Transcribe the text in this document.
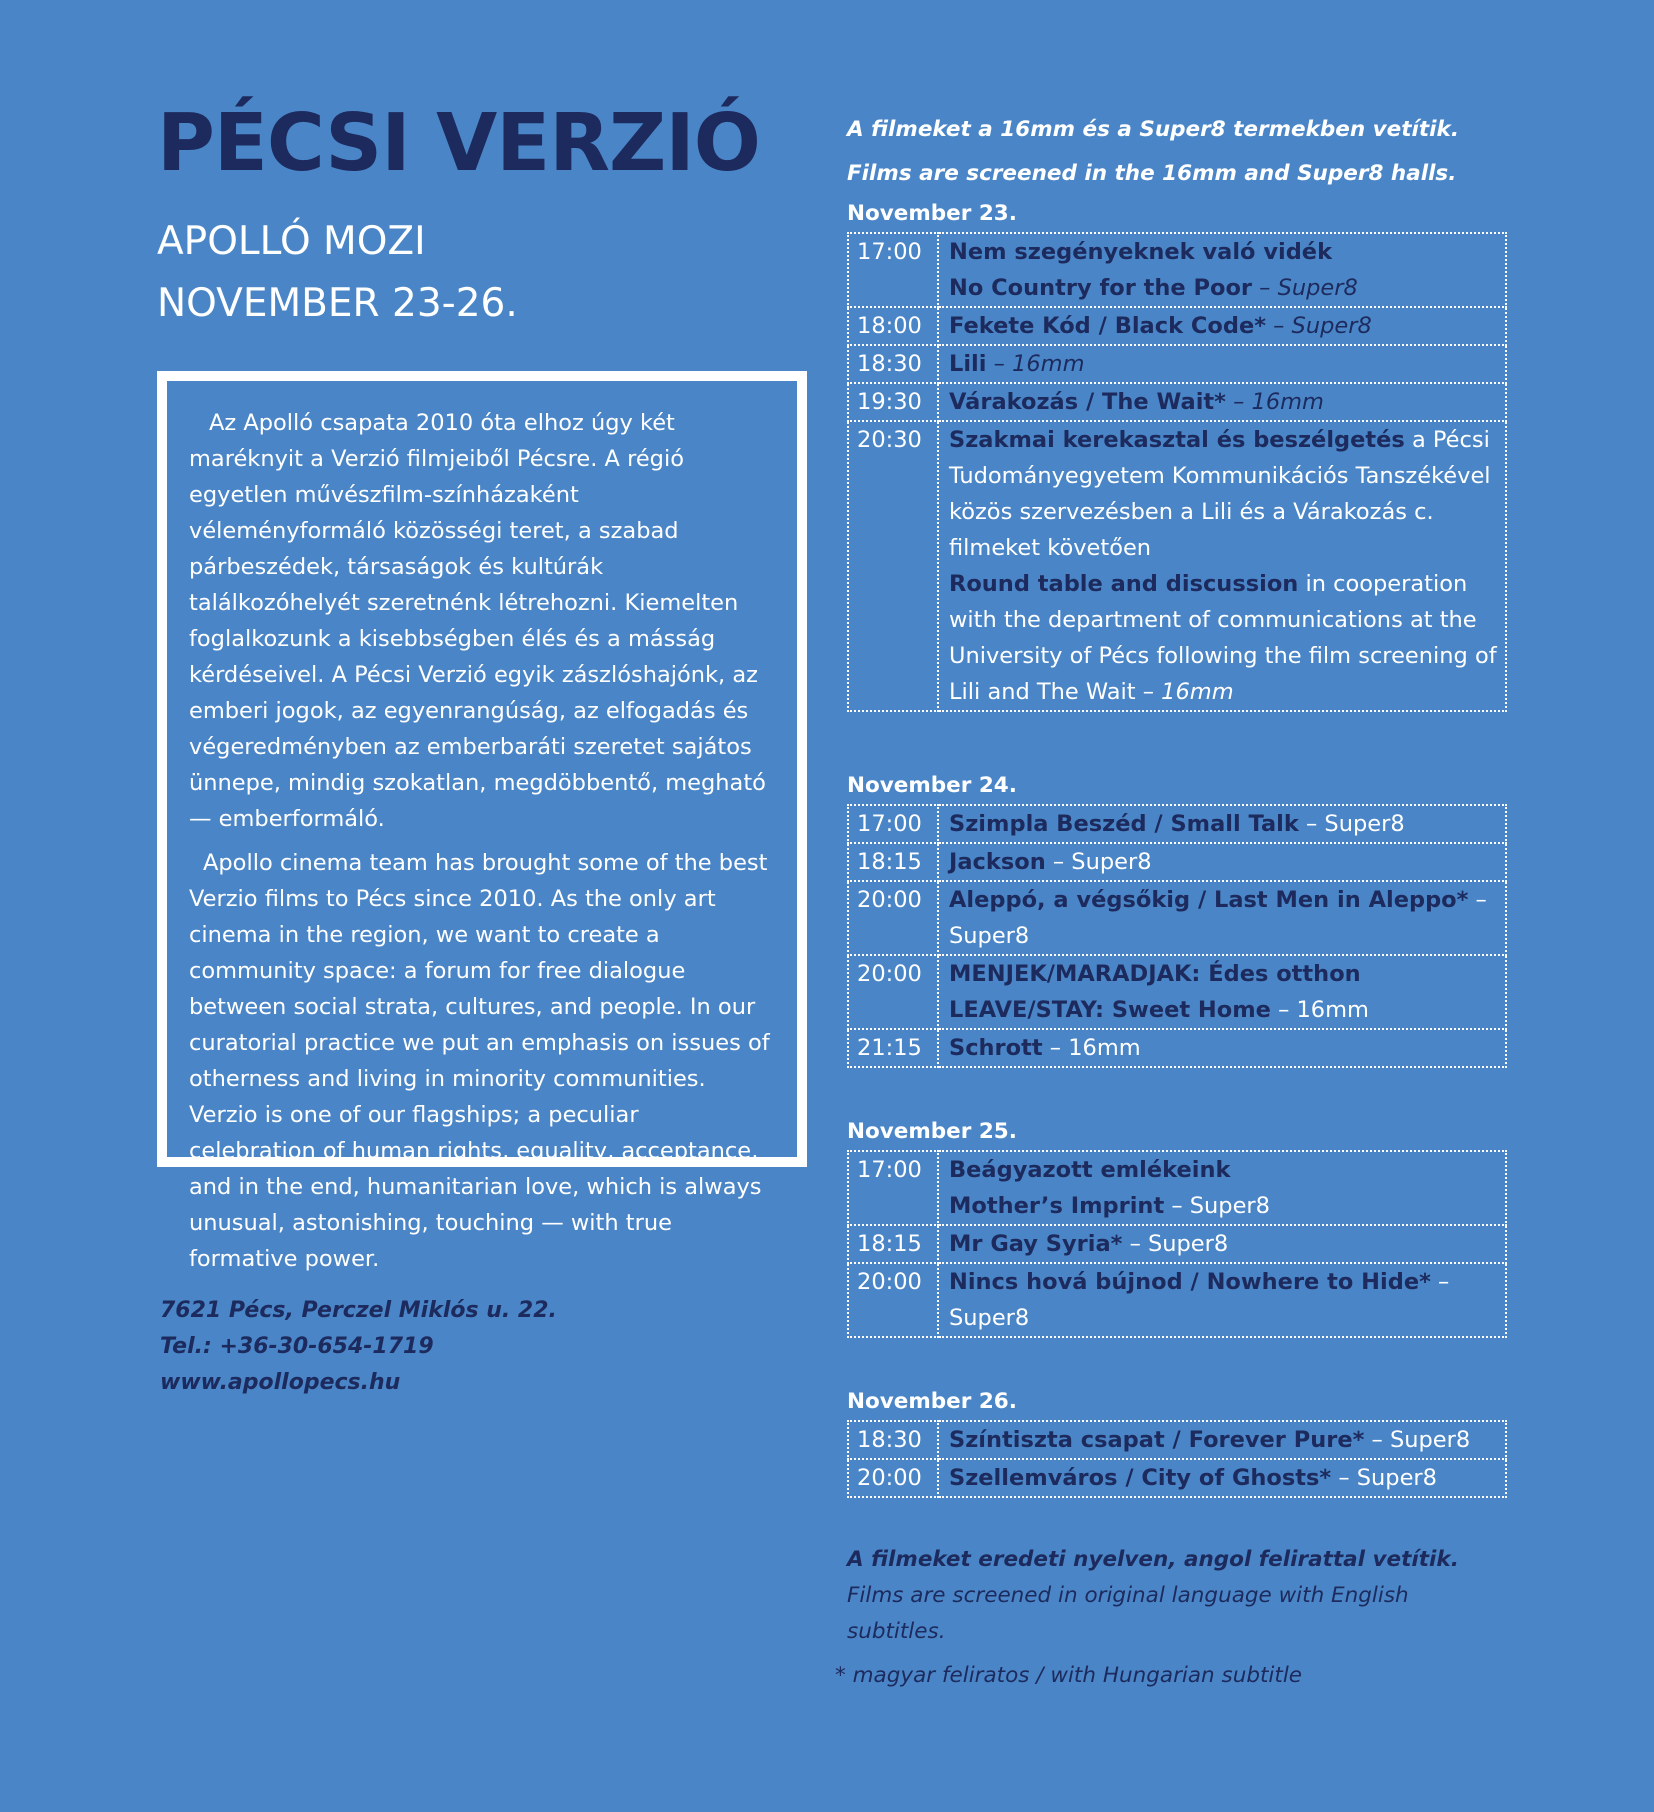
PÉCSI VERZIÓ

APOLLÓ MOZI

NOVEMBER 23-26.

Az Apolló csapata 2010 óta elhoz úgy két maréknyit a Verzió filmjeiből Pécsre. A régió egyetlen művészfilm-színházaként véleményformáló közösségi teret, a szabad párbeszédek, társaságok és kultúrák találkozóhelyét szeretnénk létrehozni. Kiemelten foglalkozunk a kisebbségben élés és a másság kérdéseivel. A Pécsi Verzió egyik zászlóshajónk, az emberi jogok, az egyenrangúság, az elfogadás és végeredményben az emberbaráti szeretet sajátos ünnepe, mindig szokatlan, megdöbbentő, megható — emberformáló.

Apollo cinema team has brought some of the best Verzio films to Pécs since 2010. As the only art cinema in the region, we want to create a community space: a forum for free dialogue between social strata, cultures, and people. In our curatorial practice we put an emphasis on issues of otherness and living in minority communities. Verzio is one of our flagships; a peculiar celebration of human rights, equality, acceptance, and in the end, humanitarian love, which is always unusual, astonishing, touching — with true formative power.

7621 Pécs, Perczel Miklós u. 22.
Tel.: +36-30-654-1719
www.apollopecs.hu

A filmeket a 16mm és a Super8 termekben vetítik.

Films are screened in the 16mm and Super8 halls.

November 23.

17:00	Nem szegényeknek való vidék
No Country for the Poor – Super8
18:00	Fekete Kód / Black Code* – Super8
18:30	Lili – 16mm
19:30	Várakozás / The Wait* – 16mm
20:30	Szakmai kerekasztal és beszélgetés a Pécsi Tudományegyetem Kommunikációs Tanszékével közös szervezésben a Lili és a Várakozás c. filmeket követően
Round table and discussion in cooperation with the department of communications at the University of Pécs following the film screening of Lili and The Wait – 16mm

November 24.

17:00	Szimpla Beszéd / Small Talk – Super8
18:15	Jackson – Super8
20:00	Aleppó, a végsőkig / Last Men in Aleppo* – Super8
20:00	MENJEK/MARADJAK: Édes otthon
LEAVE/STAY: Sweet Home – 16mm
21:15	Schrott – 16mm

November 25.

17:00	Beágyazott emlékeink
Mother’s Imprint – Super8
18:15	Mr Gay Syria* – Super8
20:00	Nincs hová bújnod / Nowhere to Hide* – Super8

November 26.

18:30	Színtiszta csapat / Forever Pure* – Super8
20:00	Szellemváros / City of Ghosts* – Super8

A filmeket eredeti nyelven, angol felirattal vetítik.

Films are screened in original language with English subtitles.

* magyar feliratos / with Hungarian subtitle
